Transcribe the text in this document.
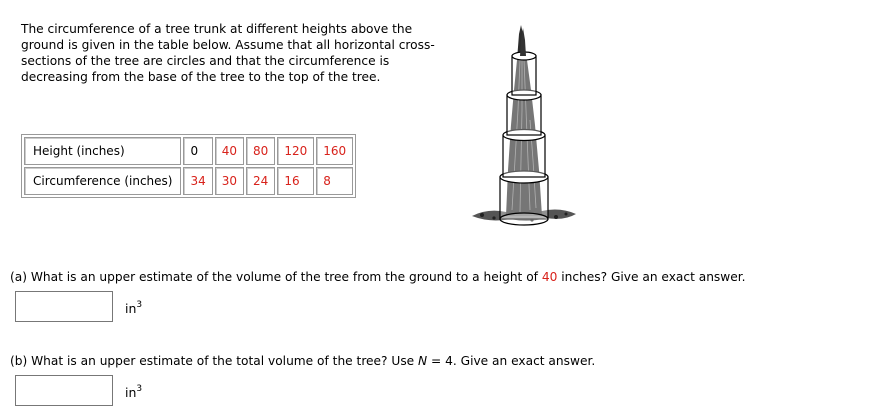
The circumference of a tree trunk at different heights above the ground is given in the table below. Assume that all horizontal cross-sections of the tree are circles and that the circumference is decreasing from the base of the tree to the top of the tree.

Height (inches)	0	40	80	120	160
Circumference (inches)	34	30	24	16	8

(a) What is an upper estimate of the volume of the tree from the ground to a height of 40 inches? Give an exact answer.

$in^3$

(b) What is an upper estimate of the total volume of the tree? Use N = 4. Give an exact answer.

$in^3$
